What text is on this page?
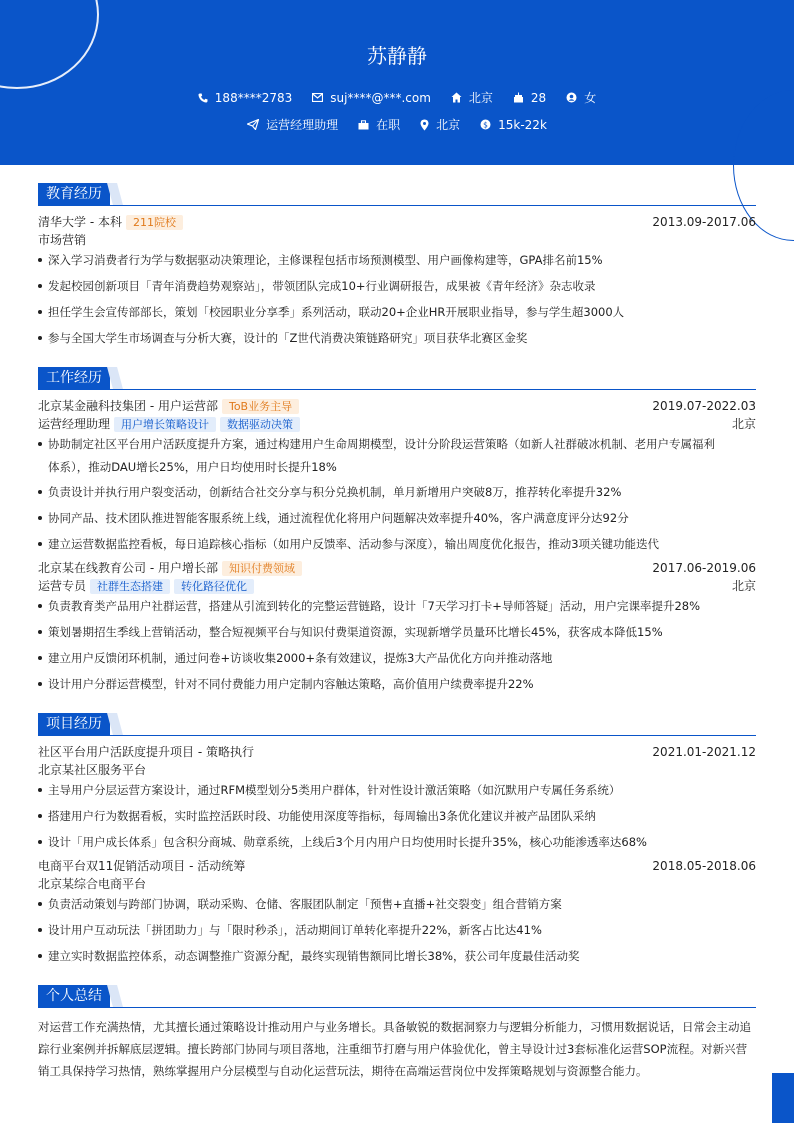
苏静静
188****2783	suj****@***.com	北京	28	女
运营经理助理	在职	北京	$ 15k-22k
教育经历
清华大学 - 本科 211院校	2013.09-2017.06
市场营销
深入学习消费者行为学与数据驱动决策理论，主修课程包括市场预测模型、用户画像构建等，GPA排名前15%
发起校园创新项目「青年消费趋势观察站」，带领团队完成10+行业调研报告，成果被《青年经济》杂志收录
担任学生会宣传部部长，策划「校园职业分享季」系列活动，联动20+企业HR开展职业指导，参与学生超3000人
参与全国大学生市场调查与分析大赛，设计的「Z世代消费决策链路研究」项目获华北赛区金奖
工作经历
北京某金融科技集团 - 用户运营部 ToB业务主导	2019.07-2022.03
运营经理助理 用户增长策略设计 数据驱动决策	北京
协助制定社区平台用户活跃度提升方案，通过构建用户生命周期模型，设计分阶段运营策略（如新人社群破冰机制、老用户专属福利
体系），推动DAU增长25%，用户日均使用时长提升18%
负责设计并执行用户裂变活动，创新结合社交分享与积分兑换机制，单月新增用户突破8万，推荐转化率提升32%
协同产品、技术团队推进智能客服系统上线，通过流程优化将用户问题解决效率提升40%，客户满意度评分达92分
建立运营数据监控看板，每日追踪核心指标（如用户反馈率、活动参与深度），输出周度优化报告，推动3项关键功能迭代
北京某在线教育公司 - 用户增长部 知识付费领域	2017.06-2019.06
运营专员 社群生态搭建 转化路径优化	北京
负责教育类产品用户社群运营，搭建从引流到转化的完整运营链路，设计「7天学习打卡+导师答疑」活动，用户完课率提升28%
策划暑期招生季线上营销活动，整合短视频平台与知识付费渠道资源，实现新增学员量环比增长45%，获客成本降低15%
建立用户反馈闭环机制，通过问卷+访谈收集2000+条有效建议，提炼3大产品优化方向并推动落地
设计用户分群运营模型，针对不同付费能力用户定制内容触达策略，高价值用户续费率提升22%
项目经历
社区平台用户活跃度提升项目 - 策略执行	2021.01-2021.12
北京某社区服务平台
主导用户分层运营方案设计，通过RFM模型划分5类用户群体，针对性设计激活策略（如沉默用户专属任务系统）
搭建用户行为数据看板，实时监控活跃时段、功能使用深度等指标，每周输出3条优化建议并被产品团队采纳
设计「用户成长体系」包含积分商城、勋章系统，上线后3个月内用户日均使用时长提升35%，核心功能渗透率达68%
电商平台双11促销活动项目 - 活动统筹	2018.05-2018.06
北京某综合电商平台
负责活动策划与跨部门协调，联动采购、仓储、客服团队制定「预售+直播+社交裂变」组合营销方案
设计用户互动玩法「拼团助力」与「限时秒杀」，活动期间订单转化率提升22%，新客占比达41%
建立实时数据监控体系，动态调整推广资源分配，最终实现销售额同比增长38%，获公司年度最佳活动奖
个人总结
对运营工作充满热情，尤其擅长通过策略设计推动用户与业务增长。具备敏锐的数据洞察力与逻辑分析能力，习惯用数据说话，日常会主动追踪行业案例并拆解底层逻辑。擅长跨部门协同与项目落地，注重细节打磨与用户体验优化，曾主导设计过3套标准化运营SOP流程。对新兴营销工具保持学习热情，熟练掌握用户分层模型与自动化运营玩法，期待在高端运营岗位中发挥策略规划与资源整合能力。
